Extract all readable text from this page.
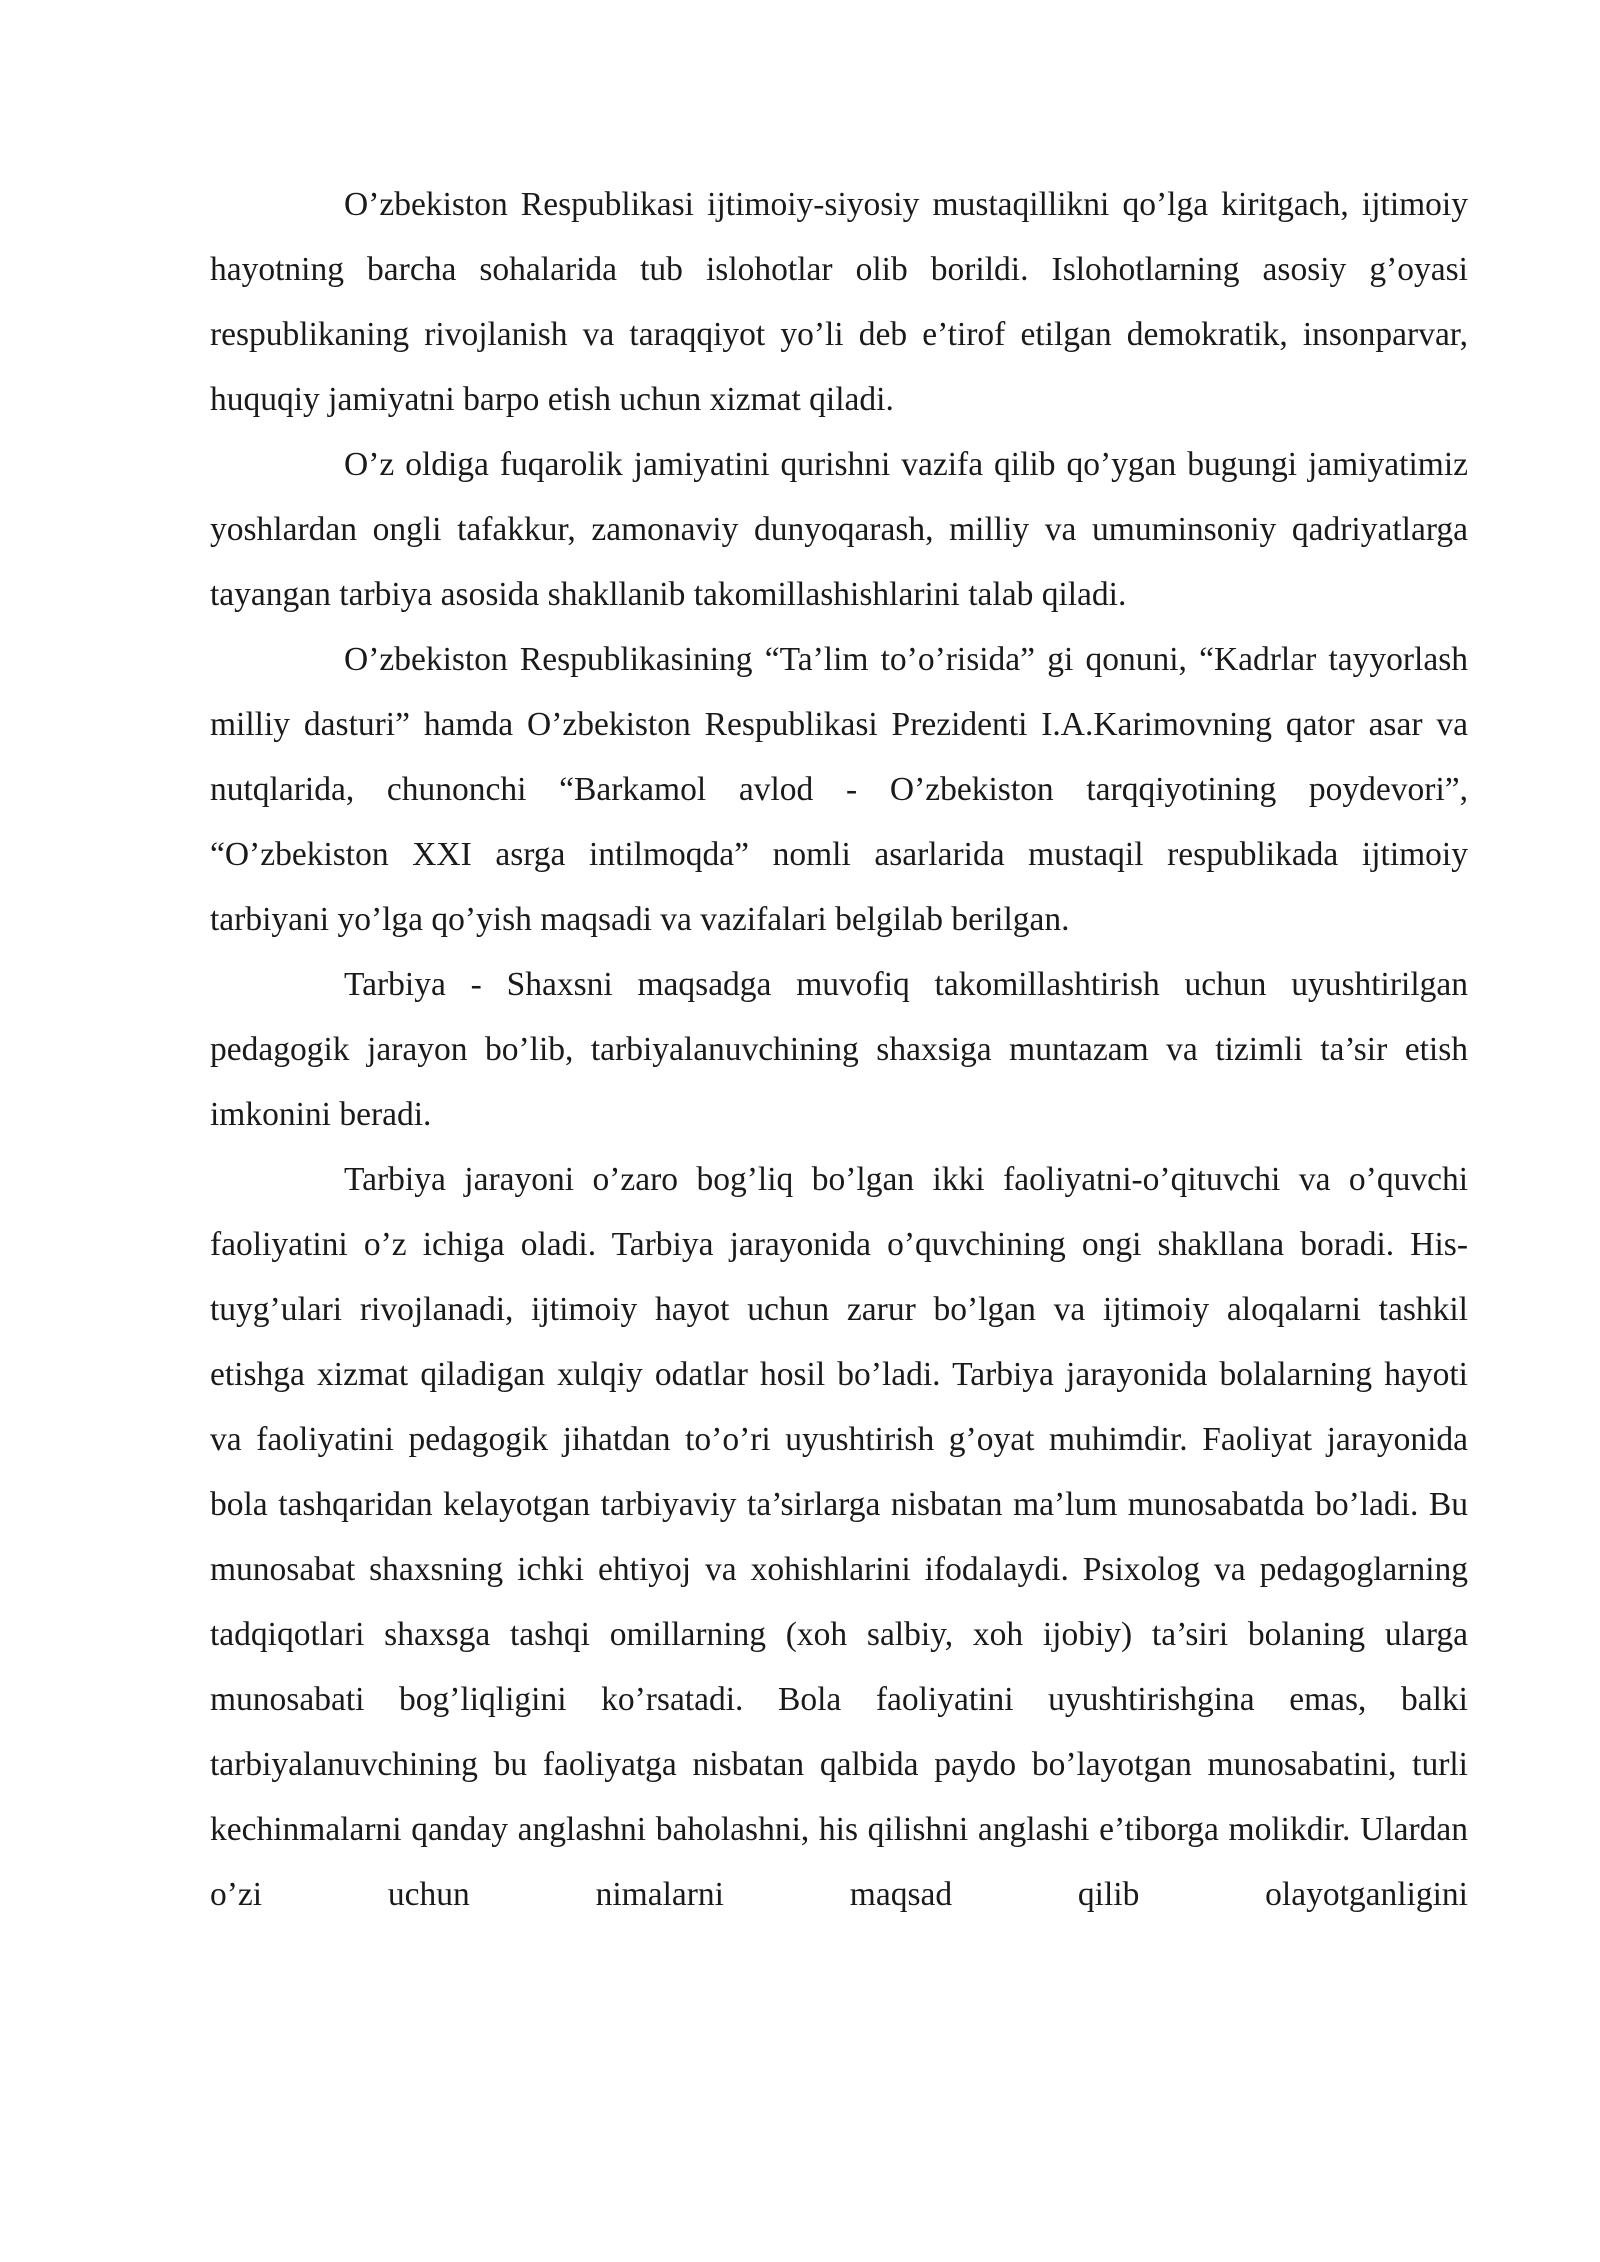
O’zbekiston Respublikasi ijtimoiy-siyosiy mustaqillikni qo’lga kiritgach, ijtimoiy hayotning barcha sohalarida tub islohotlar olib borildi. Islohotlarning asosiy g’oyasi respublikaning rivojlanish va taraqqiyot yo’li deb e’tirof etilgan demokratik, insonparvar, huquqiy jamiyatni barpo etish uchun xizmat qiladi.

O’z oldiga fuqarolik jamiyatini qurishni vazifa qilib qo’ygan bugungi jamiyatimiz yoshlardan ongli tafakkur, zamonaviy dunyoqarash, milliy va umuminsoniy qadriyatlarga tayangan tarbiya asosida shakllanib takomillashishlarini talab qiladi.

O’zbekiston Respublikasining “Ta’lim to’o’risida” gi qonuni, “Kadrlar tayyorlash milliy dasturi” hamda O’zbekiston Respublikasi Prezidenti I.A.Karimovning qator asar va nutqlarida, chunonchi “Barkamol avlod - O’zbekiston tarqqiyotining poydevori”, “O’zbekiston XXI asrga intilmoqda” nomli asarlarida mustaqil respublikada ijtimoiy tarbiyani yo’lga qo’yish maqsadi va vazifalari belgilab berilgan.

Tarbiya - Shaxsni maqsadga muvofiq takomillashtirish uchun uyushtirilgan pedagogik jarayon bo’lib, tarbiyalanuvchining shaxsiga muntazam va tizimli ta’sir etish imkonini beradi.

Tarbiya jarayoni o’zaro bog’liq bo’lgan ikki faoliyatni-o’qituvchi va o’quvchi faoliyatini o’z ichiga oladi. Tarbiya jarayonida o’quvchining ongi shakllana boradi. His-tuyg’ulari rivojlanadi, ijtimoiy hayot uchun zarur bo’lgan va ijtimoiy aloqalarni tashkil etishga xizmat qiladigan xulqiy odatlar hosil bo’ladi. Tarbiya jarayonida bolalarning hayoti va faoliyatini pedagogik jihatdan to’o’ri uyushtirish g’oyat muhimdir. Faoliyat jarayonida bola tashqaridan kelayotgan tarbiyaviy ta’sirlarga nisbatan ma’lum munosabatda bo’ladi. Bu munosabat shaxsning ichki ehtiyoj va xohishlarini ifodalaydi. Psixolog va pedagoglarning tadqiqotlari shaxsga tashqi omillarning (xoh salbiy, xoh ijobiy) ta’siri bolaning ularga munosabati bog’liqligini ko’rsatadi. Bola faoliyatini uyushtirishgina emas, balki tarbiyalanuvchining bu faoliyatga nisbatan qalbida paydo bo’layotgan munosabatini, turli kechinmalarni qanday anglashni baholashni, his qilishni anglashi e’tiborga molikdir. Ulardan o’zi uchun nimalarni maqsad qilib olayotganligini
